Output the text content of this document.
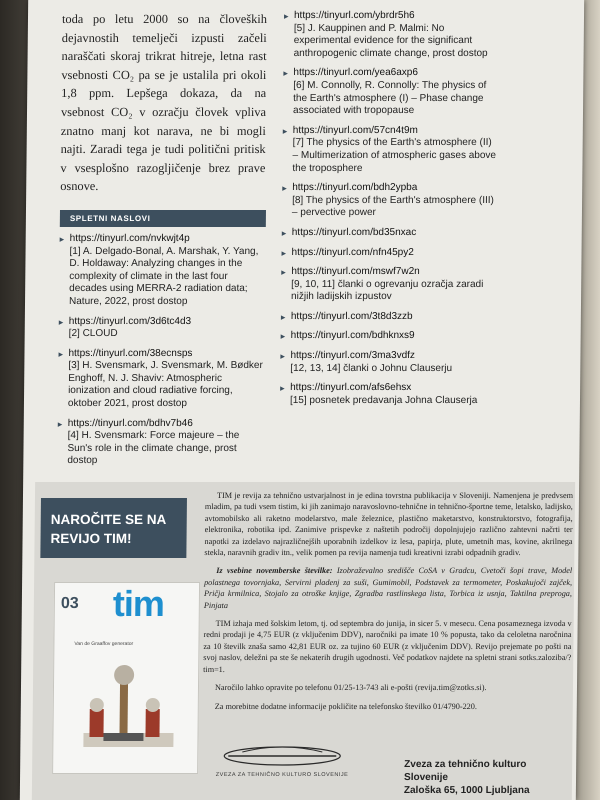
toda po letu 2000 so na človeških dejavnostih temelječi izpusti začeli naraščati skoraj trikrat hitreje, letna rast vsebnosti CO₂ pa se je ustalila pri okoli 1,8 ppm. Lepšega dokaza, da na vsebnost CO₂ v ozračju človek vpliva znatno manj kot narava, ne bi mogli najti. Zaradi tega je tudi politični pritisk v vsesplošno razogljičenje brez prave osnove.

SPLETNI NASLOVI
▸ https://tinyurl.com/nvkwjt4p
[1] A. Delgado-Bonal, A. Marshak, Y. Yang, D. Holdaway: Analyzing changes in the complexity of climate in the last four decades using MERRA-2 radiation data; Nature, 2022, prost dostop
▸ https://tinyurl.com/3d6tc4d3
[2] CLOUD
▸ https://tinyurl.com/38ecnsps
[3] H. Svensmark, J. Svensmark, M. Bødker Enghoff, N. J. Shaviv: Atmospheric ionization and cloud radiative forcing, oktober 2021, prost dostop
▸ https://tinyurl.com/bdhv7b46
[4] H. Svensmark: Force majeure – the Sun's role in the climate change, prost dostop
▸ https://tinyurl.com/ybrdr5h6
[5] J. Kauppinen and P. Malmi: No experimental evidence for the significant anthropogenic climate change, prost dostop
▸ https://tinyurl.com/yea6axp6
[6] M. Connolly, R. Connolly: The physics of the Earth's atmosphere (I) – Phase change associated with tropopause
▸ https://tinyurl.com/57cn4t9m
[7] The physics of the Earth's atmosphere (II) – Multimerization of atmospheric gases above the troposphere
▸ https://tinyurl.com/bdh2ypba
[8] The physics of the Earth's atmosphere (III) – pervective power
▸ https://tinyurl.com/bd35nxac
▸ https://tinyurl.com/nfn45py2
▸ https://tinyurl.com/mswf7w2n
[9, 10, 11] članki o ogrevanju ozračja zaradi nižjih ladijskih izpustov
▸ https://tinyurl.com/3t8d3zzb
▸ https://tinyurl.com/bdhknxs9
▸ https://tinyurl.com/3ma3vdfz
[12, 13, 14] članki o Johnu Clauserju
▸ https://tinyurl.com/afs6ehsx
[15] posnetek predavanja Johna Clauserja
NAROČITE SE NA REVIJO TIM!

TIM je revija za tehnično ustvarjalnost in je edina tovrstna publikacija v Sloveniji. Namenjena je predvsem mladim, pa tudi vsem tistim, ki jih zanimajo naravoslovno-tehnične in tehnično-športne teme, letalsko, ladijsko, avtomobilsko ali raketno modelarstvo, male železnice, plastično maketarstvo, konstruktorstvo, fotografija, elektronika, robotika ipd. Zanimive prispevke z naštetih področij dopolnjujejo različno zahtevni načrti ter napotki za izdelavo najrazličnejših uporabnih izdelkov iz lesa, papirja, plute, umetnih mas, kovine, akrilnega stekla, naravnih gradiv itn., velik pomen pa revija namenja tudi kreativni izrabi odpadnih gradiv.

Iz vsebine novemberske številke: Izobraževalno središče CoSA v Gradcu, Cvetoči šopi trave, Model polastnega tovornjaka, Servirni pladenj za suši, Gumimobil, Podstavek za termometer, Poskakujoči zajček, Pričja krmilnica, Stojalo za otroške knjige, Zgradba rastlinskega lista, Torbica iz usnja, Taktilna preproga, Pinjata

TIM izhaja med šolskim letom, tj. od septembra do junija, in sicer 5. v mesecu. Cena posameznega izvoda v redni prodaji je 4,75 EUR (z vključenim DDV), naročniki pa imate 10 % popusta, tako da celoletna naročnina za 10 številk znaša samo 42,81 EUR oz. za tujino 60 EUR (z vključenim DDV). Revijo prejemate po pošti na svoj naslov, deležni pa ste še nekaterih drugih ugodnosti. Več podatkov najdete na spletni strani sotks.zaloziba/?tim=1.

Naročilo lahko opravite po telefonu 01/25-13-743 ali e-pošti (revija.tim@zotks.si).

Za morebitne dodatne informacije pokličite na telefonsko številko 01/4790-220.

03 tim
Van de Graaffov generator
ZVEZA ZA TEHNIČNO KULTURO SLOVENIJE
Zveza za tehnično kulturo Slovenije
Zaloška 65, 1000 Ljubljana
